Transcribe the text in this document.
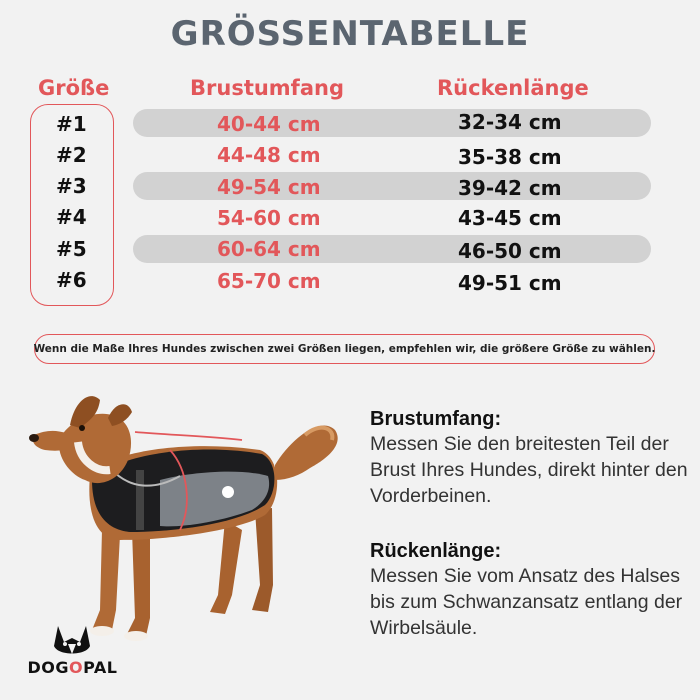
GRÖSSENTABELLE
Größe	Brustumfang	Rückenlänge
#1	40-44 cm	32-34 cm
#2	44-48 cm	35-38 cm
#3	49-54 cm	39-42 cm
#4	54-60 cm	43-45 cm
#5	60-64 cm	46-50 cm
#6	65-70 cm	49-51 cm
Wenn die Maße Ihres Hundes zwischen zwei Größen liegen, empfehlen wir, die größere Größe zu wählen.
Brustumfang:

Messen Sie den breitesten Teil der Brust Ihres Hundes, direkt hinter den Vorderbeinen.

Rückenlänge:

Messen Sie vom Ansatz des Halses bis zum Schwanzansatz entlang der Wirbelsäule.

DOGOPAL
